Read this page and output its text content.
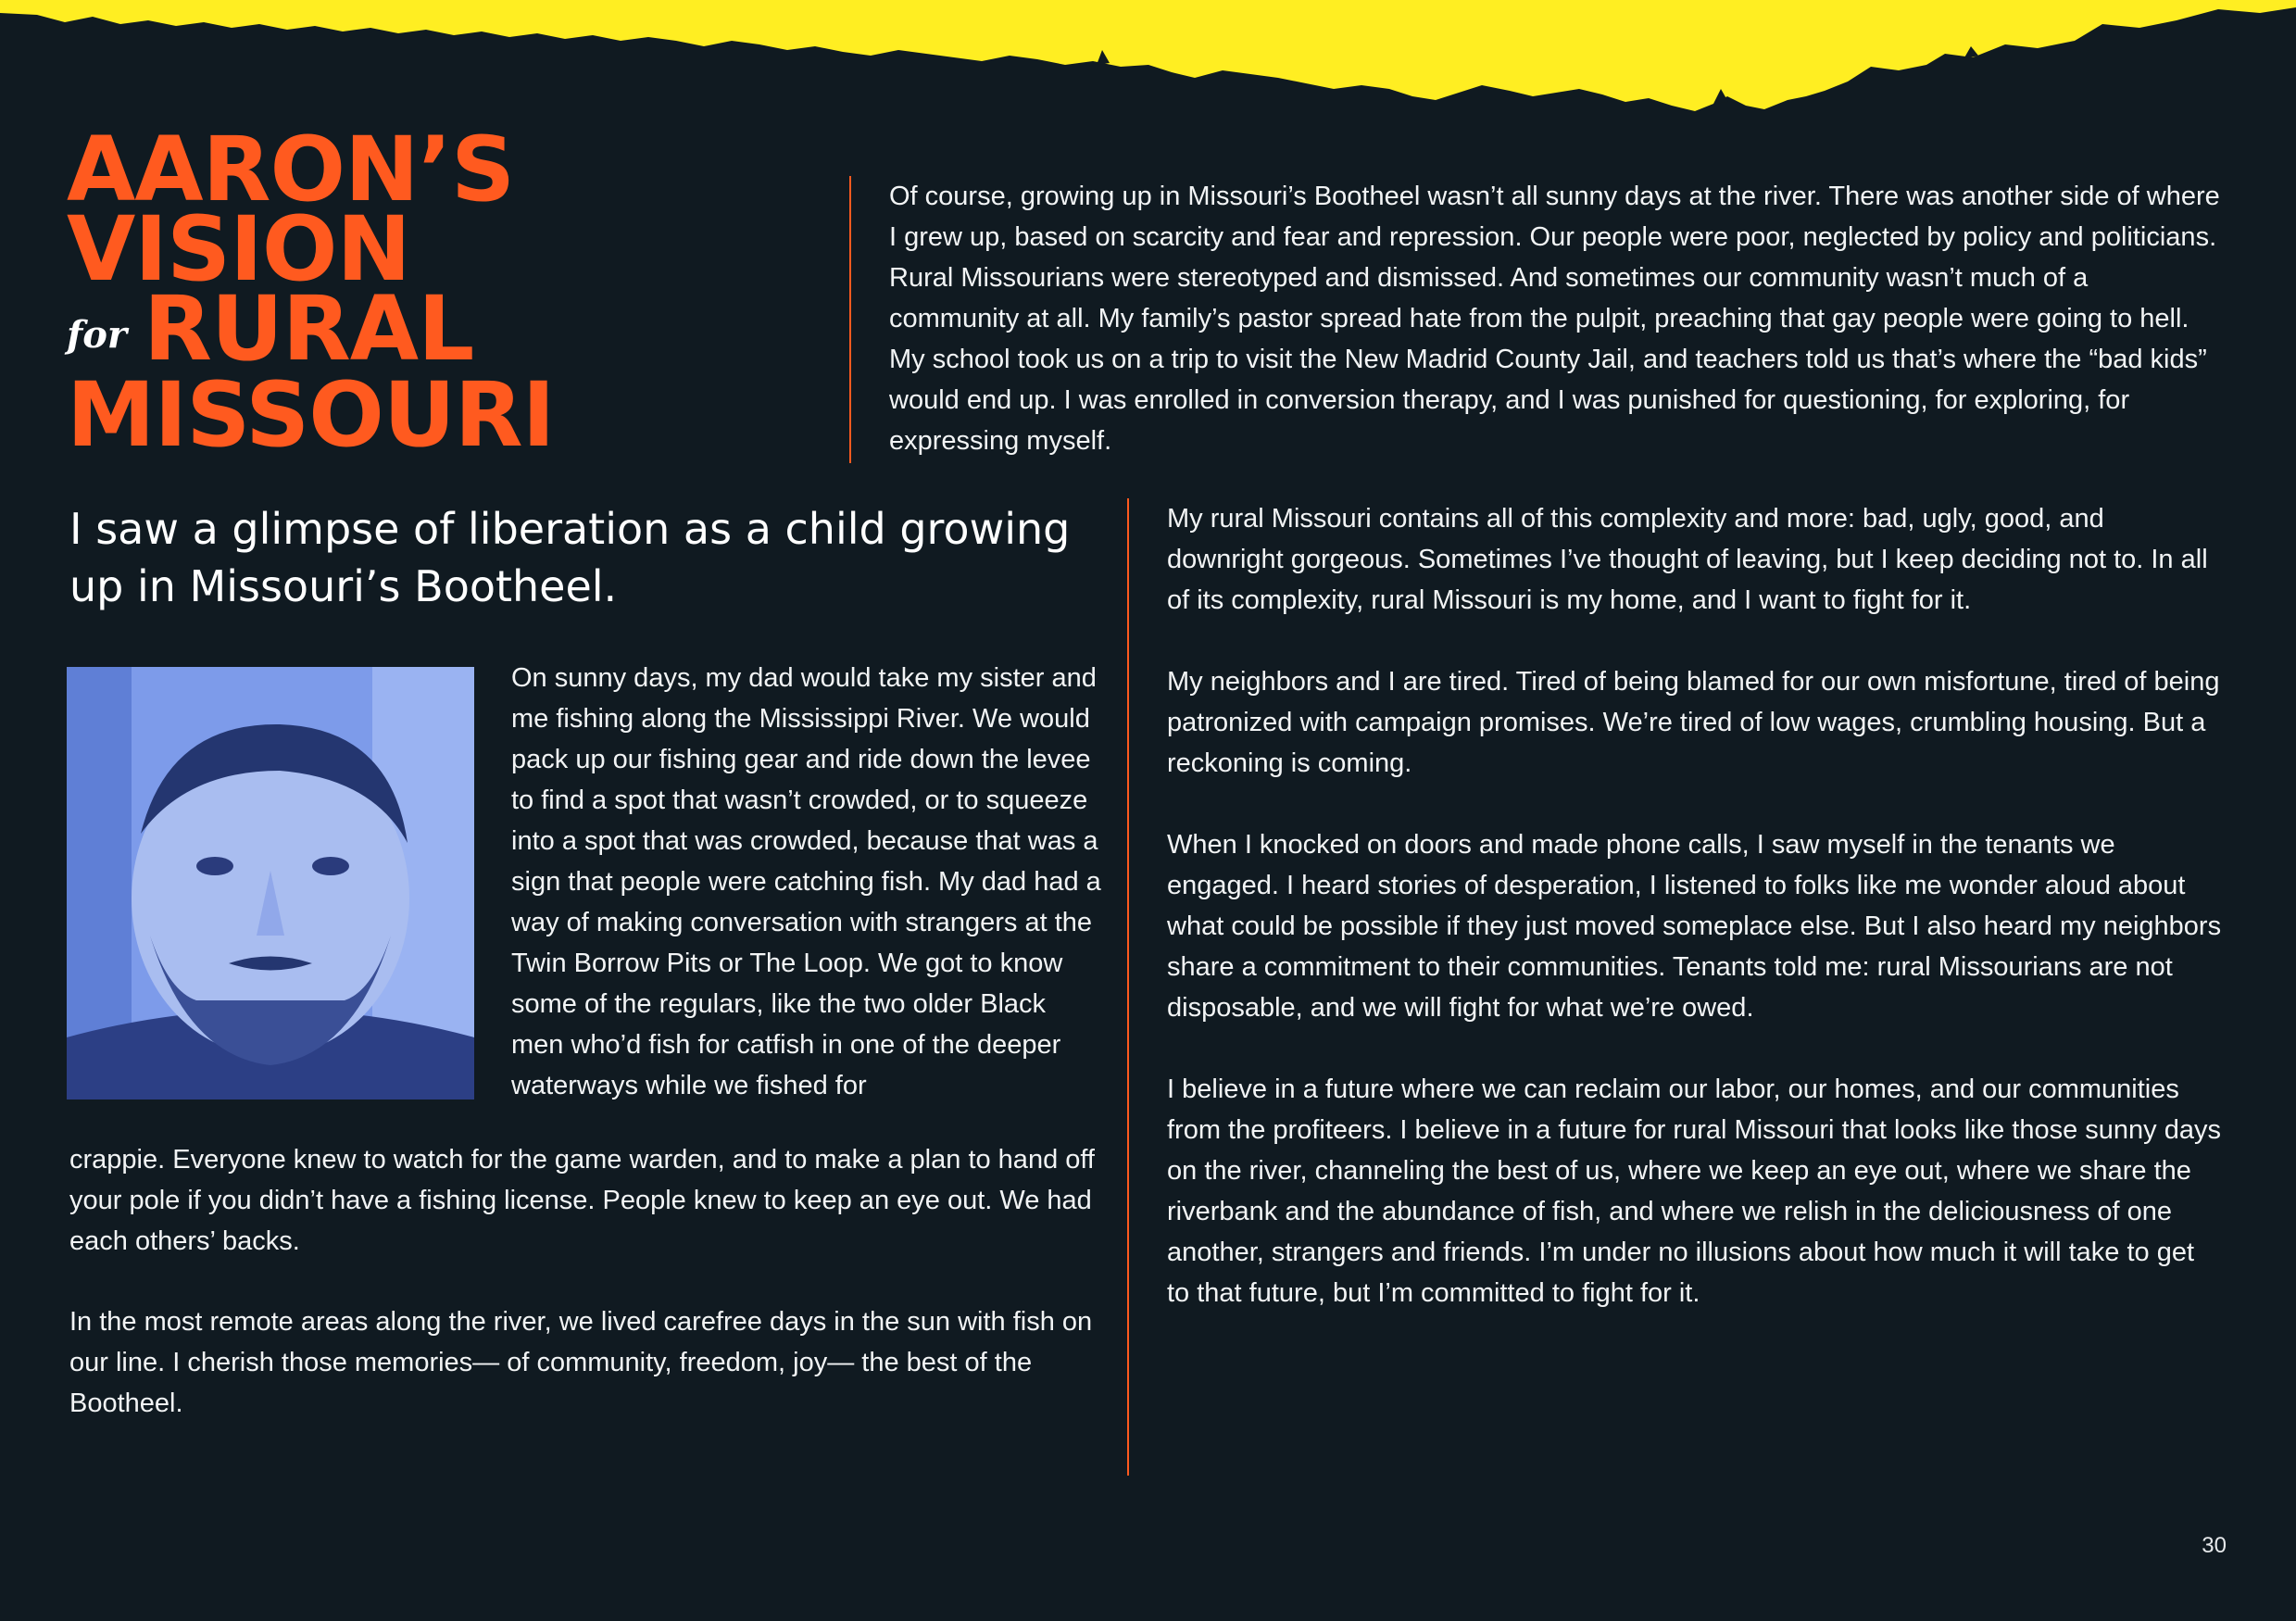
AARON’S
VISION
for RURAL
MISSOURI

Of course, growing up in Missouri’s Bootheel wasn’t all sunny days at the river. There was another side of where I grew up, based on scarcity and fear and repression. Our people were poor, neglected by policy and politicians. Rural Missourians were stereotyped and dismissed. And sometimes our community wasn’t much of a community at all. My family’s pastor spread hate from the pulpit, preaching that gay people were going to hell. My school took us on a trip to visit the New Madrid County Jail, and teachers told us that’s where the “bad kids” would end up. I was enrolled in conversion therapy, and I was punished for questioning, for exploring, for expressing myself.

I saw a glimpse of liberation as a child growing up in Missouri’s Bootheel.

On sunny days, my dad would take my sister and me fishing along the Mississippi River. We would pack up our fishing gear and ride down the levee to find a spot that wasn’t crowded, or to squeeze into a spot that was crowded, because that was a sign that people were catching fish. My dad had a way of making conversation with strangers at the Twin Borrow Pits or The Loop. We got to know some of the regulars, like the two older Black men who’d fish for catfish in one of the deeper waterways while we fished for

crappie. Everyone knew to watch for the game warden, and to make a plan to hand off your pole if you didn’t have a fishing license. People knew to keep an eye out. We had each others’ backs.

In the most remote areas along the river, we lived carefree days in the sun with fish on our line. I cherish those memories— of community, freedom, joy— the best of the Bootheel.

My rural Missouri contains all of this complexity and more: bad, ugly, good, and downright gorgeous. Sometimes I’ve thought of leaving, but I keep deciding not to. In all of its complexity, rural Missouri is my home, and I want to fight for it.

My neighbors and I are tired. Tired of being blamed for our own misfortune, tired of being patronized with campaign promises. We’re tired of low wages, crumbling housing. But a reckoning is coming.

When I knocked on doors and made phone calls, I saw myself in the tenants we engaged. I heard stories of desperation, I listened to folks like me wonder aloud about what could be possible if they just moved someplace else. But I also heard my neighbors share a commitment to their communities. Tenants told me: rural Missourians are not disposable, and we will fight for what we’re owed.

I believe in a future where we can reclaim our labor, our homes, and our communities from the profiteers. I believe in a future for rural Missouri that looks like those sunny days on the river, channeling the best of us, where we keep an eye out, where we share the riverbank and the abundance of fish, and where we relish in the deliciousness of one another, strangers and friends. I’m under no illusions about how much it will take to get to that future, but I’m committed to fight for it.

30
